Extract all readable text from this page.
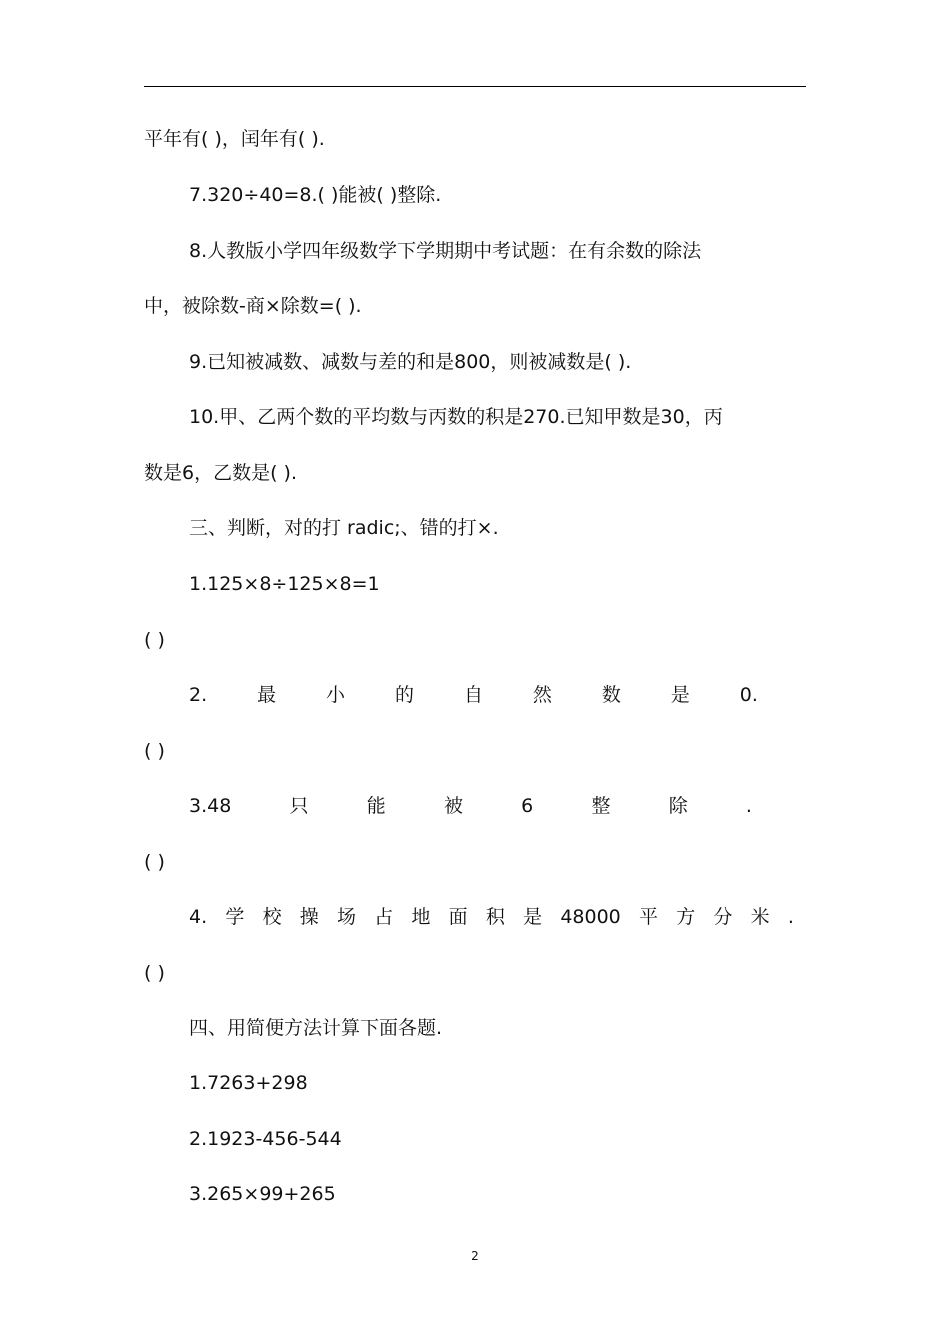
平年有( )，闰年有( ).
7.320÷40=8.( )能被( )整除.
8.人教版小学四年级数学下学期期中考试题：在有余数的除法
中，被除数-商×除数=( ).
9.已知被减数、减数与差的和是800，则被减数是( ).
10.甲、乙两个数的平均数与丙数的积是270.已知甲数是30，丙
数是6，乙数是( ).
三、判断，对的打 radic;、错的打×.
1.125×8÷125×8=1
( )
2.	最	小	的	自	然	数	是	0.
( )
3.48	只	能	被	6	整	除	.
( )
4. 学 校 操 场 占 地 面 积 是 48000 平 方 分 米 .
( )
四、用简便方法计算下面各题.
1.7263+298
2.1923-456-544
3.265×99+265
2
